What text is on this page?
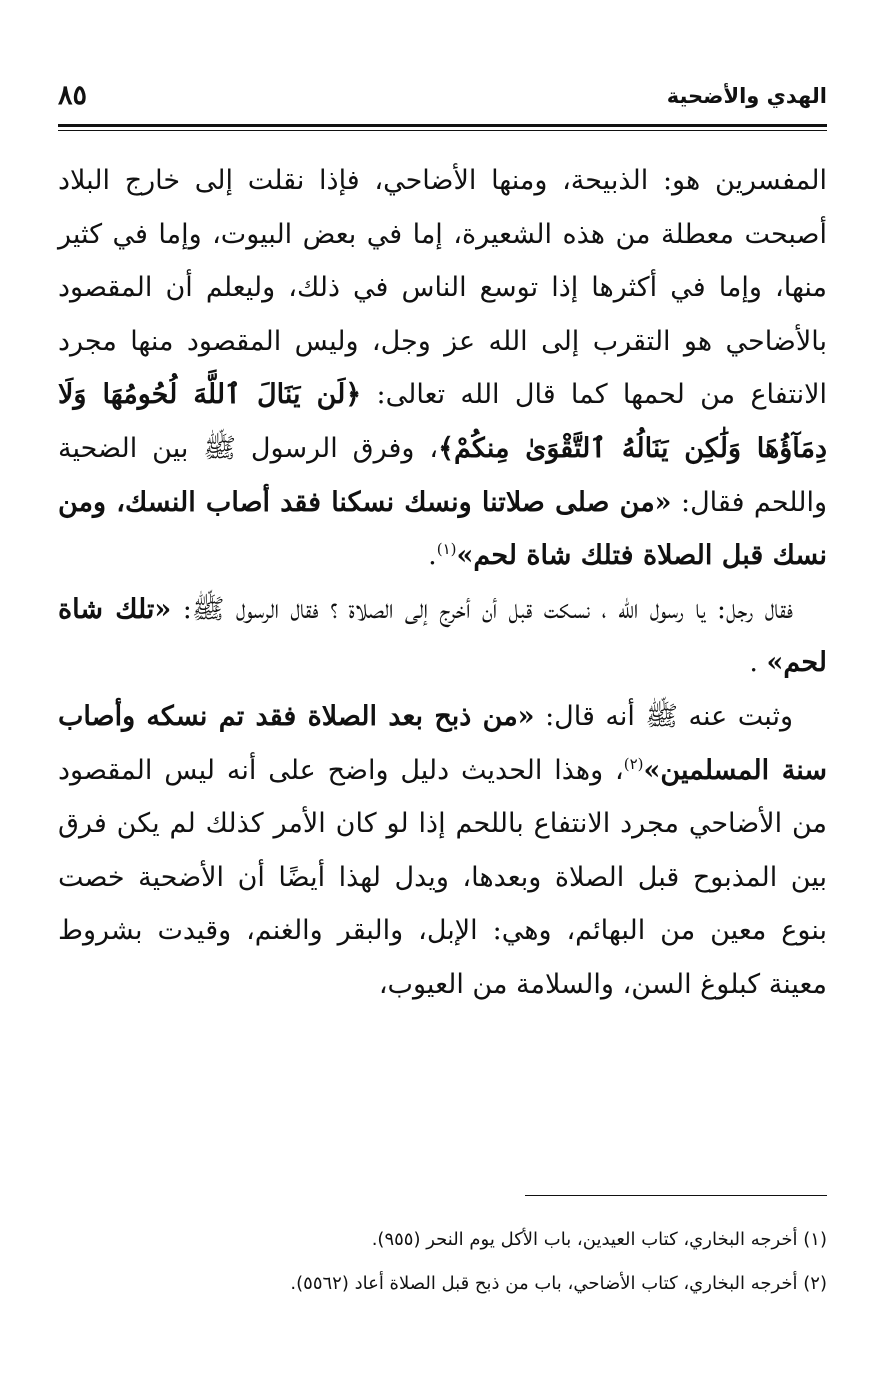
الهدي والأضحية
٨٥

المفسرين هو: الذبيحة، ومنها الأضاحي، فإذا نقلت إلى خارج البلاد أصبحت معطلة من هذه الشعيرة، إما في بعض البيوت، وإما في كثير منها، وإما في أكثرها إذا توسع الناس في ذلك، وليعلم أن المقصود بالأضاحي هو التقرب إلى الله عز وجل، وليس المقصود منها مجرد الانتفاع من لحمها كما قال الله تعالى: ﴿لَن يَنَالَ ٱللَّهَ لُحُومُهَا وَلَا دِمَآؤُهَا وَلَٰكِن يَنَالُهُ ٱلتَّقْوَىٰ مِنكُمْ﴾، وفرق الرسول ﷺ بين الضحية واللحم فقال: «من صلى صلاتنا ونسك نسكنا فقد أصاب النسك، ومن نسك قبل الصلاة فتلك شاة لحم»$^{(١)}$.

فقال رجل: يا رسول الله ، نسكت قبل أن أخرج إلى الصلاة ؟ فقال الرسول ﷺ: «تلك شاة لحم» .

وثبت عنه ﷺ أنه قال: «من ذبح بعد الصلاة فقد تم نسكه وأصاب سنة المسلمين»$^{(٢)}$، وهذا الحديث دليل واضح على أنه ليس المقصود من الأضاحي مجرد الانتفاع باللحم إذا لو كان الأمر كذلك لم يكن فرق بين المذبوح قبل الصلاة وبعدها، ويدل لهذا أيضًا أن الأضحية خصت بنوع معين من البهائم، وهي: الإبل، والبقر والغنم، وقيدت بشروط معينة كبلوغ السن، والسلامة من العيوب،

(١) أخرجه البخاري، كتاب العيدين، باب الأكل يوم النحر (٩٥٥).

(٢) أخرجه البخاري، كتاب الأضاحي، باب من ذبح قبل الصلاة أعاد (٥٥٦٢).
